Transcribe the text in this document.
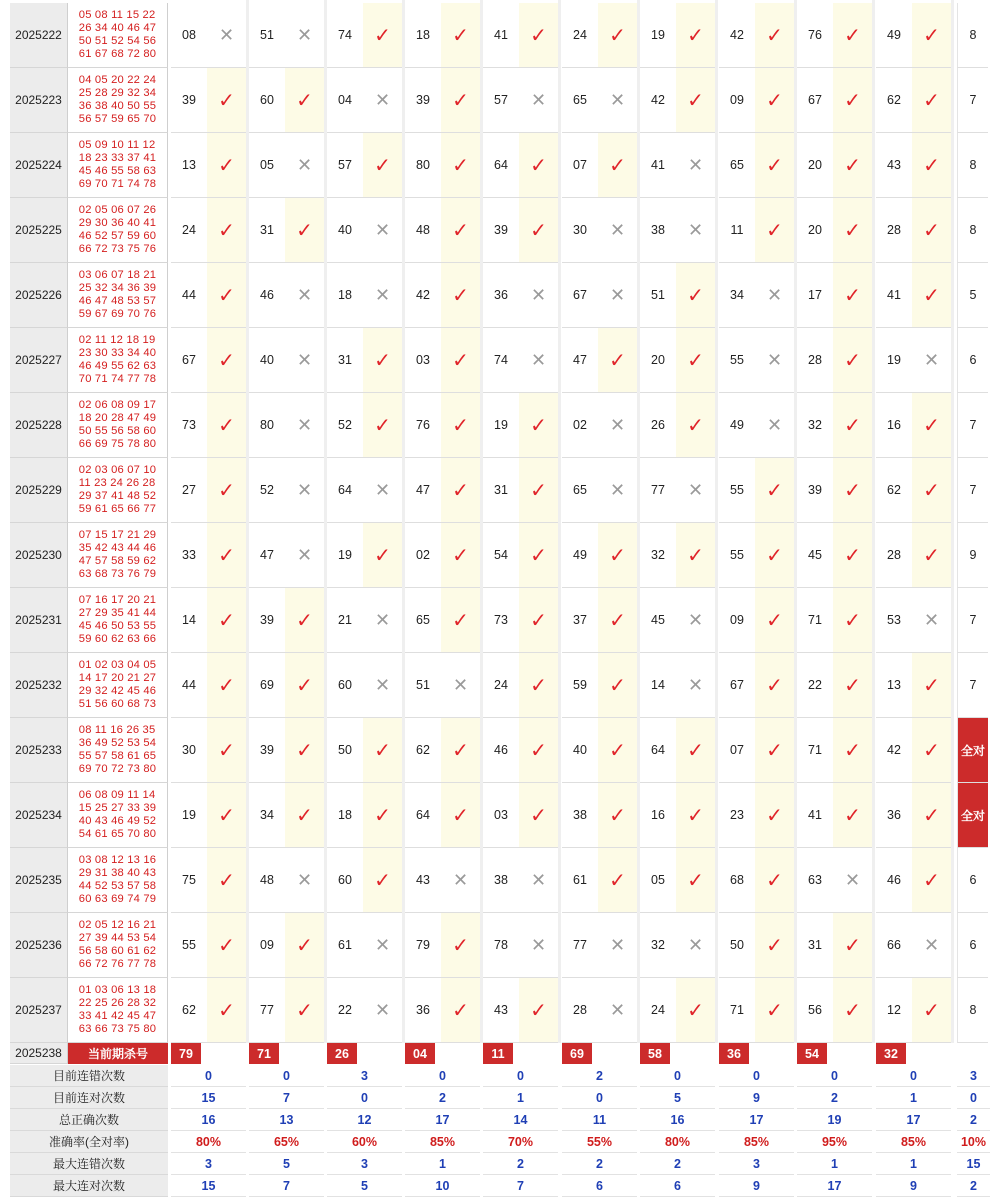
2025222
05 08 11 15 22
26 34 40 46 47
50 51 52 54 56
61 67 68 72 80
08	✕	51	✕	74	✓	18	✓	41	✓	24	✓	19	✓	42	✓	76	✓	49	✓	8
2025223
04 05 20 22 24
25 28 29 32 34
36 38 40 50 55
56 57 59 65 70
39	✓	60	✓	04	✕	39	✓	57	✕	65	✕	42	✓	09	✓	67	✓	62	✓	7
2025224
05 09 10 11 12
18 23 33 37 41
45 46 55 58 63
69 70 71 74 78
13	✓	05	✕	57	✓	80	✓	64	✓	07	✓	41	✕	65	✓	20	✓	43	✓	8
2025225
02 05 06 07 26
29 30 36 40 41
46 52 57 59 60
66 72 73 75 76
24	✓	31	✓	40	✕	48	✓	39	✓	30	✕	38	✕	11	✓	20	✓	28	✓	8
2025226
03 06 07 18 21
25 32 34 36 39
46 47 48 53 57
59 67 69 70 76
44	✓	46	✕	18	✕	42	✓	36	✕	67	✕	51	✓	34	✕	17	✓	41	✓	5
2025227
02 11 12 18 19
23 30 33 34 40
46 49 55 62 63
70 71 74 77 78
67	✓	40	✕	31	✓	03	✓	74	✕	47	✓	20	✓	55	✕	28	✓	19	✕	6
2025228
02 06 08 09 17
18 20 28 47 49
50 55 56 58 60
66 69 75 78 80
73	✓	80	✕	52	✓	76	✓	19	✓	02	✕	26	✓	49	✕	32	✓	16	✓	7
2025229
02 03 06 07 10
11 23 24 26 28
29 37 41 48 52
59 61 65 66 77
27	✓	52	✕	64	✕	47	✓	31	✓	65	✕	77	✕	55	✓	39	✓	62	✓	7
2025230
07 15 17 21 29
35 42 43 44 46
47 57 58 59 62
63 68 73 76 79
33	✓	47	✕	19	✓	02	✓	54	✓	49	✓	32	✓	55	✓	45	✓	28	✓	9
2025231
07 16 17 20 21
27 29 35 41 44
45 46 50 53 55
59 60 62 63 66
14	✓	39	✓	21	✕	65	✓	73	✓	37	✓	45	✕	09	✓	71	✓	53	✕	7
2025232
01 02 03 04 05
14 17 20 21 27
29 32 42 45 46
51 56 60 68 73
44	✓	69	✓	60	✕	51	✕	24	✓	59	✓	14	✕	67	✓	22	✓	13	✓	7
2025233
08 11 16 26 35
36 49 52 53 54
55 57 58 61 65
69 70 72 73 80
30	✓	39	✓	50	✓	62	✓	46	✓	40	✓	64	✓	07	✓	71	✓	42	✓	全对
2025234
06 08 09 11 14
15 25 27 33 39
40 43 46 49 52
54 61 65 70 80
19	✓	34	✓	18	✓	64	✓	03	✓	38	✓	16	✓	23	✓	41	✓	36	✓	全对
2025235
03 08 12 13 16
29 31 38 40 43
44 52 53 57 58
60 63 69 74 79
75	✓	48	✕	60	✓	43	✕	38	✕	61	✓	05	✓	68	✓	63	✕	46	✓	6
2025236
02 05 12 16 21
27 39 44 53 54
56 58 60 61 62
66 72 76 77 78
55	✓	09	✓	61	✕	79	✓	78	✕	77	✕	32	✕	50	✓	31	✓	66	✕	6
2025237
01 03 06 13 18
22 25 26 28 32
33 41 42 45 47
63 66 73 75 80
62	✓	77	✓	22	✕	36	✓	43	✓	28	✕	24	✓	71	✓	56	✓	12	✓	8
2025238	当前期杀号	79	71	26	04	11	69	58	36	54	32
目前连错次数	0	0	3	0	0	2	0	0	0	0	3
目前连对次数	15	7	0	2	1	0	5	9	2	1	0
总正确次数	16	13	12	17	14	11	16	17	19	17	2
准确率(全对率)	80%	65%	60%	85%	70%	55%	80%	85%	95%	85%	10%
最大连错次数	3	5	3	1	2	2	2	3	1	1	15
最大连对次数	15	7	5	10	7	6	6	9	17	9	2
